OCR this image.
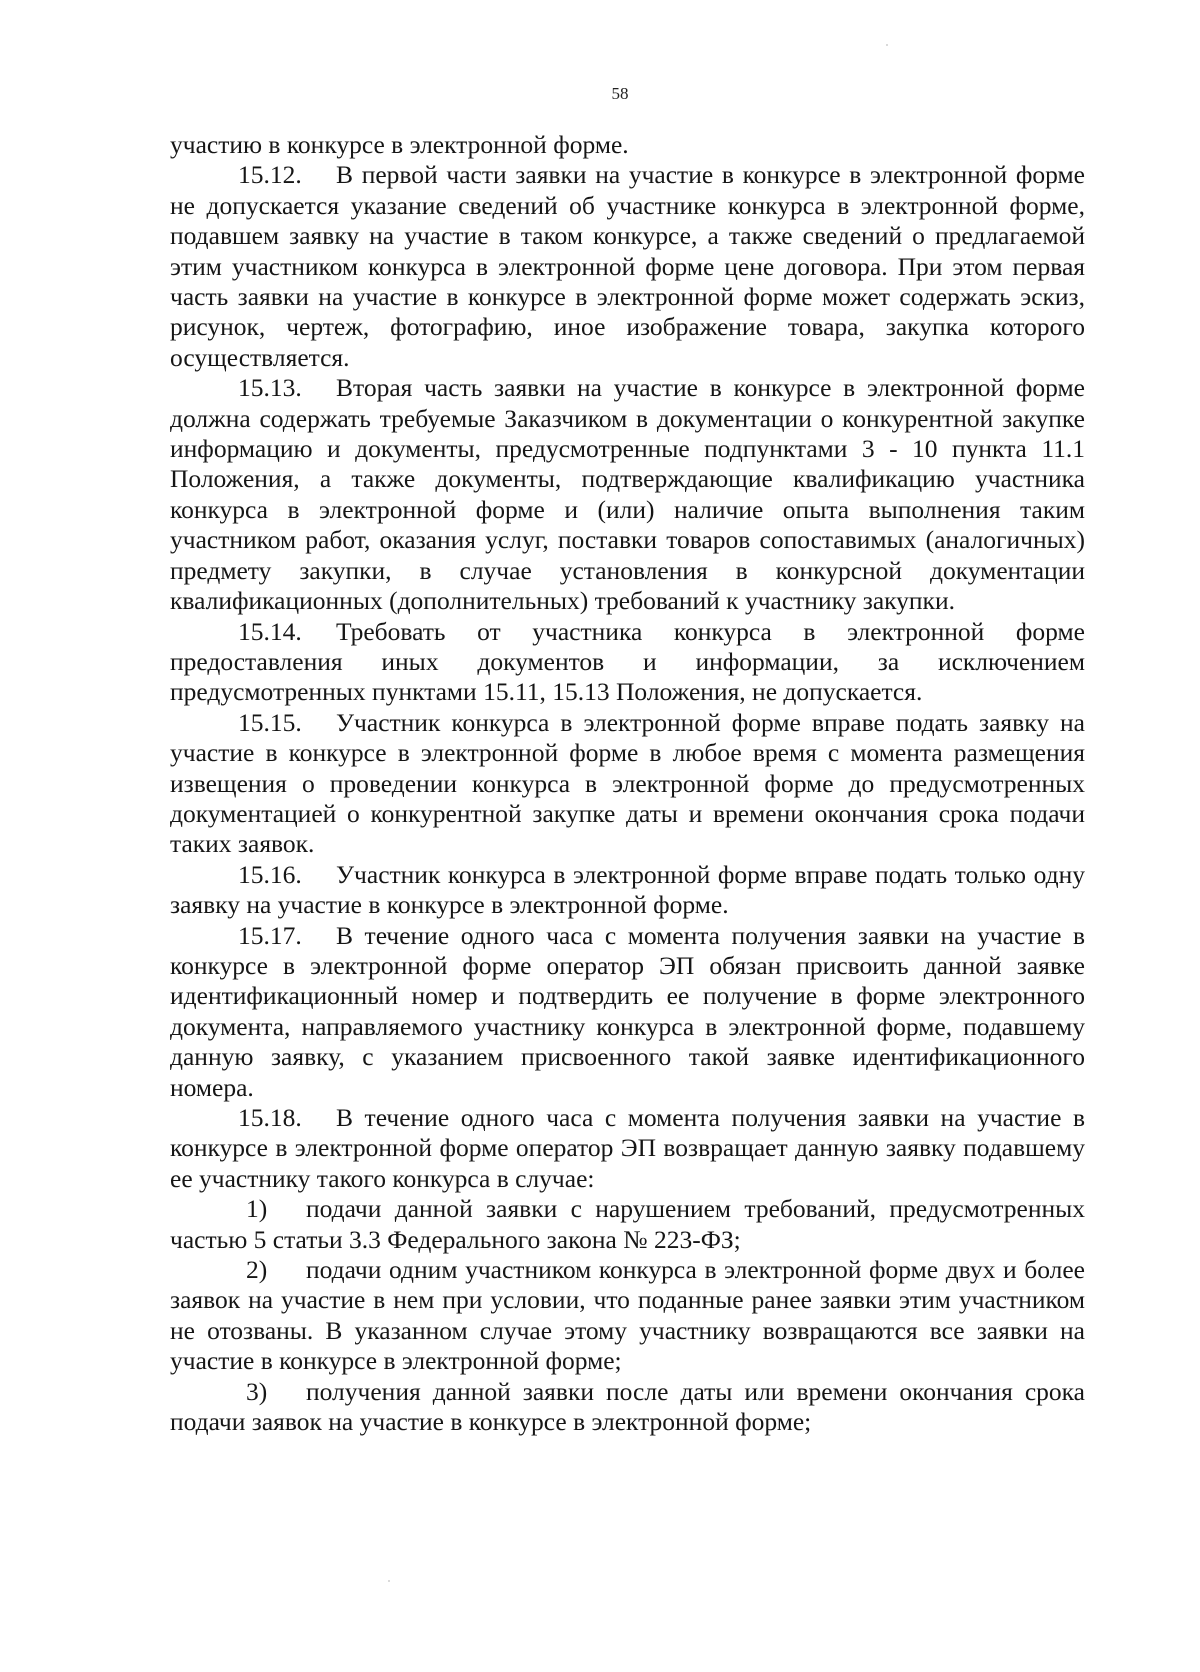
58

участию в конкурсе в электронной форме.

15.12. В первой части заявки на участие в конкурсе в электронной форме не допускается указание сведений об участнике конкурса в электронной форме, подавшем заявку на участие в таком конкурсе, а также сведений о предлагаемой этим участником конкурса в электронной форме цене договора. При этом первая часть заявки на участие в конкурсе в электронной форме может содержать эскиз, рисунок, чертеж, фотографию, иное изображение товара, закупка которого осуществляется.

15.13. Вторая часть заявки на участие в конкурсе в электронной форме должна содержать требуемые Заказчиком в документации о конкурентной закупке информацию и документы, предусмотренные подпунктами 3 - 10 пункта 11.1 Положения, а также документы, подтверждающие квалификацию участника конкурса в электронной форме и (или) наличие опыта выполнения таким участником работ, оказания услуг, поставки товаров сопоставимых (аналогичных) предмету закупки, в случае установления в конкурсной документации квалификационных (дополнительных) требований к участнику закупки.

15.14. Требовать от участника конкурса в электронной форме предоставления иных документов и информации, за исключением предусмотренных пунктами 15.11, 15.13 Положения, не допускается.

15.15. Участник конкурса в электронной форме вправе подать заявку на участие в конкурсе в электронной форме в любое время с момента размещения извещения о проведении конкурса в электронной форме до предусмотренных документацией о конкурентной закупке даты и времени окончания срока подачи таких заявок.

15.16. Участник конкурса в электронной форме вправе подать только одну заявку на участие в конкурсе в электронной форме.

15.17. В течение одного часа с момента получения заявки на участие в конкурсе в электронной форме оператор ЭП обязан присвоить данной заявке идентификационный номер и подтвердить ее получение в форме электронного документа, направляемого участнику конкурса в электронной форме, подавшему данную заявку, с указанием присвоенного такой заявке идентификационного номера.

15.18. В течение одного часа с момента получения заявки на участие в конкурсе в электронной форме оператор ЭП возвращает данную заявку подавшему ее участнику такого конкурса в случае:

1) подачи данной заявки с нарушением требований, предусмотренных частью 5 статьи 3.3 Федерального закона № 223-ФЗ;

2) подачи одним участником конкурса в электронной форме двух и более заявок на участие в нем при условии, что поданные ранее заявки этим участником не отозваны. В указанном случае этому участнику возвращаются все заявки на участие в конкурсе в электронной форме;

3) получения данной заявки после даты или времени окончания срока подачи заявок на участие в конкурсе в электронной форме;
